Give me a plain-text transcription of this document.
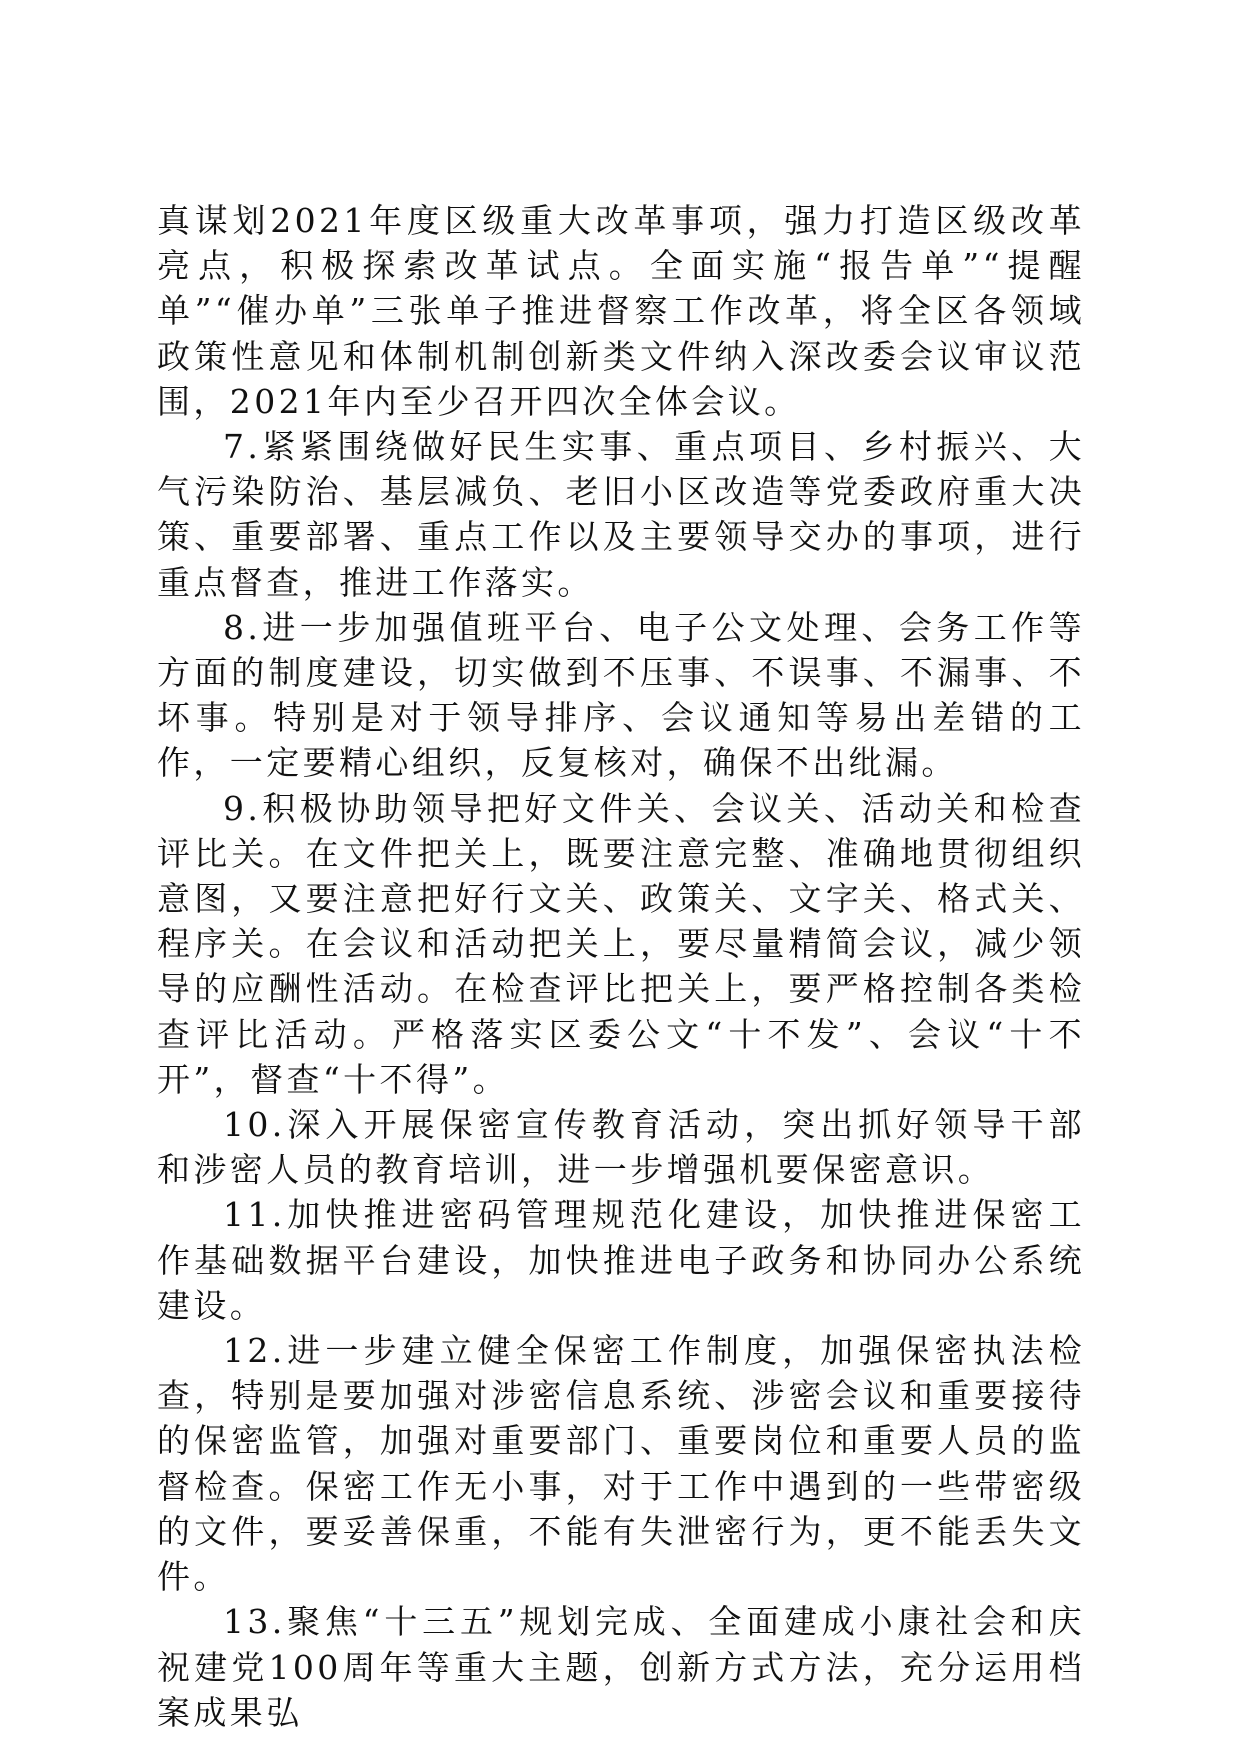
真谋划2021年度区级重大改革事项，强力打造区级改革亮点，积极探索改革试点。全面实施“报告单”“提醒单”“催办单”三张单子推进督察工作改革，将全区各领域政策性意见和体制机制创新类文件纳入深改委会议审议范围，2021年内至少召开四次全体会议。

7.紧紧围绕做好民生实事、重点项目、乡村振兴、大气污染防治、基层减负、老旧小区改造等党委政府重大决策、重要部署、重点工作以及主要领导交办的事项，进行重点督查，推进工作落实。

8.进一步加强值班平台、电子公文处理、会务工作等方面的制度建设，切实做到不压事、不误事、不漏事、不坏事。特别是对于领导排序、会议通知等易出差错的工作，一定要精心组织，反复核对，确保不出纰漏。

9.积极协助领导把好文件关、会议关、活动关和检查评比关。在文件把关上，既要注意完整、准确地贯彻组织意图，又要注意把好行文关、政策关、文字关、格式关、程序关。在会议和活动把关上，要尽量精简会议，减少领导的应酬性活动。在检查评比把关上，要严格控制各类检查评比活动。严格落实区委公文“十不发”、会议“十不开”，督查“十不得”。

10.深入开展保密宣传教育活动，突出抓好领导干部和涉密人员的教育培训，进一步增强机要保密意识。

11.加快推进密码管理规范化建设，加快推进保密工作基础数据平台建设，加快推进电子政务和协同办公系统建设。

12.进一步建立健全保密工作制度，加强保密执法检查，特别是要加强对涉密信息系统、涉密会议和重要接待的保密监管，加强对重要部门、重要岗位和重要人员的监督检查。保密工作无小事，对于工作中遇到的一些带密级的文件，要妥善保重，不能有失泄密行为，更不能丢失文件。

13.聚焦“十三五”规划完成、全面建成小康社会和庆祝建党100周年等重大主题，创新方式方法，充分运用档案成果弘
